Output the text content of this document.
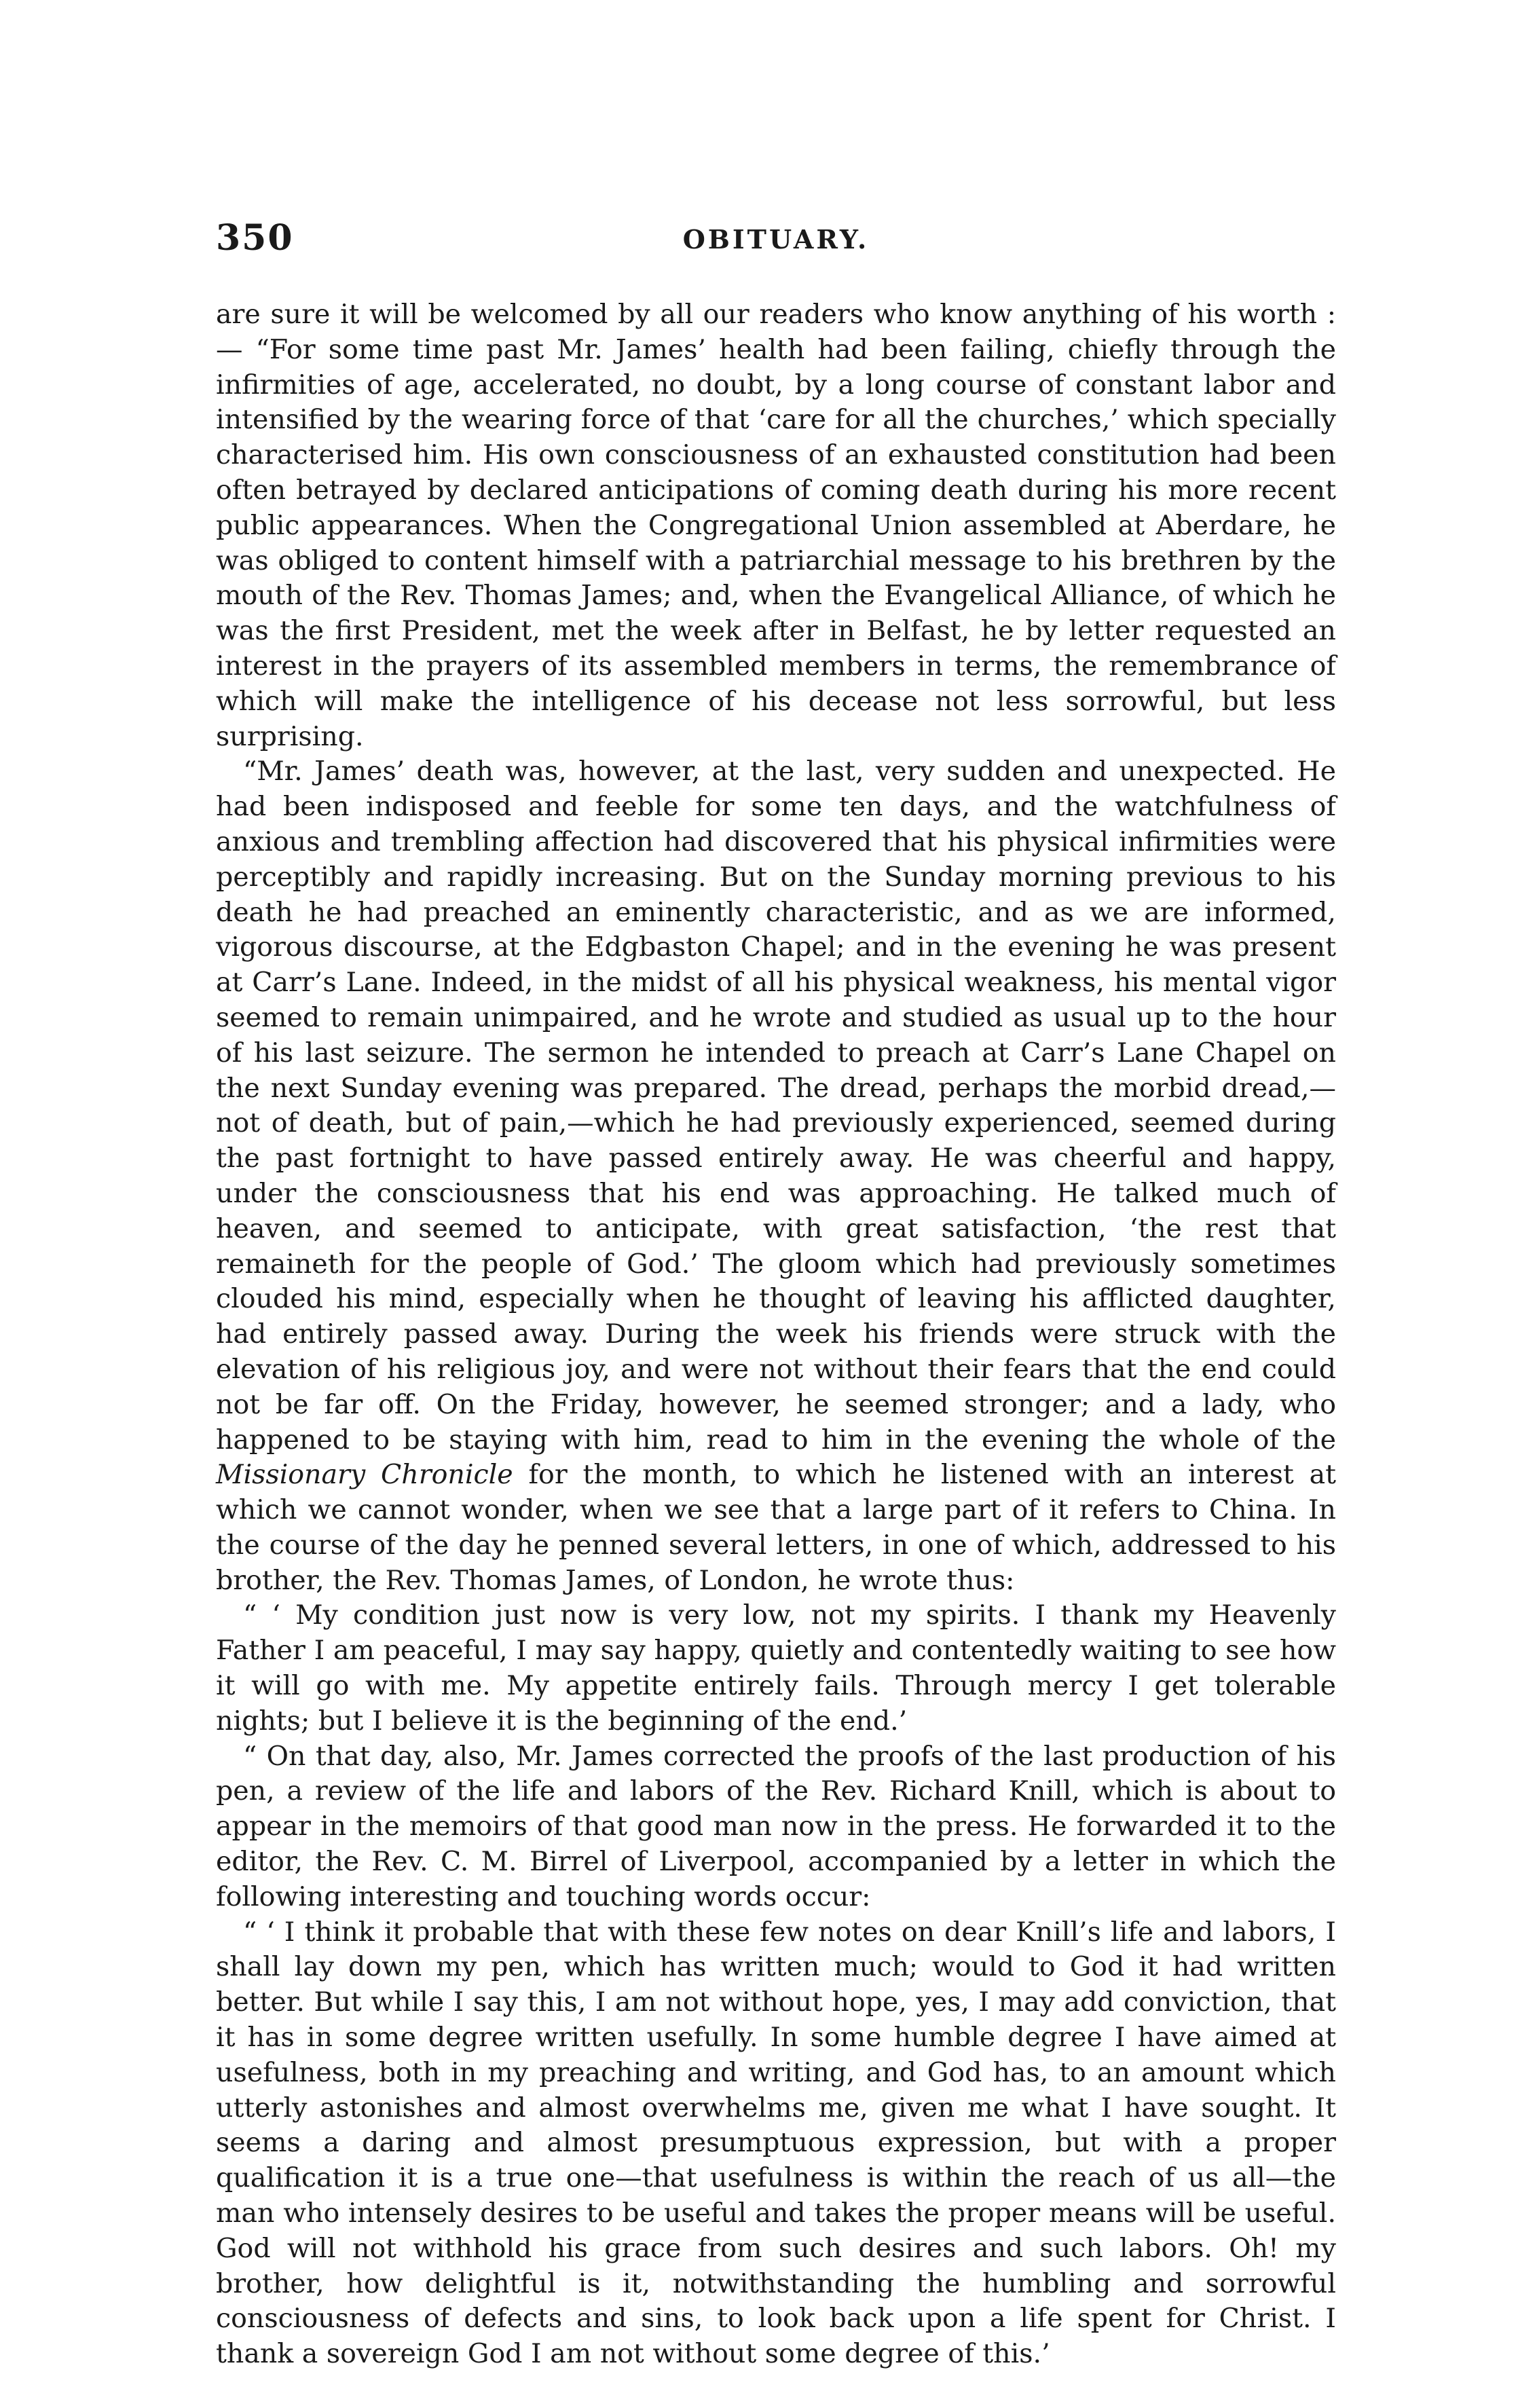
350	OBITUARY.

are sure it will be welcomed by all our readers who know anything of his worth :— “For some time past Mr. James’ health had been failing, chiefly through the infirmities of age, accelerated, no doubt, by a long course of constant labor and intensified by the wearing force of that ‘care for all the churches,’ which specially characterised him. His own consciousness of an exhausted constitution had been often betrayed by declared anticipations of coming death during his more recent public appearances. When the Congregational Union assembled at Aberdare, he was obliged to content himself with a patriarchial message to his brethren by the mouth of the Rev. Thomas James; and, when the Evangelical Alliance, of which he was the first President, met the week after in Belfast, he by letter requested an interest in the prayers of its assembled members in terms, the remembrance of which will make the intelligence of his decease not less sorrowful, but less surprising.

“Mr. James’ death was, however, at the last, very sudden and unexpected. He had been indisposed and feeble for some ten days, and the watchfulness of anxious and trembling affection had discovered that his physical infirmities were perceptibly and rapidly increasing. But on the Sunday morning previous to his death he had preached an eminently characteristic, and as we are informed, vigorous discourse, at the Edgbaston Chapel; and in the evening he was present at Carr’s Lane. Indeed, in the midst of all his physical weakness, his mental vigor seemed to remain unimpaired, and he wrote and studied as usual up to the hour of his last seizure. The sermon he intended to preach at Carr’s Lane Chapel on the next Sunday evening was prepared. The dread, perhaps the morbid dread,—not of death, but of pain,—which he had previously experienced, seemed during the past fortnight to have passed entirely away. He was cheerful and happy, under the consciousness that his end was approaching. He talked much of heaven, and seemed to anticipate, with great satisfaction, ‘the rest that remaineth for the people of God.’ The gloom which had previously sometimes clouded his mind, especially when he thought of leaving his afflicted daughter, had entirely passed away. During the week his friends were struck with the elevation of his religious joy, and were not without their fears that the end could not be far off. On the Friday, however, he seemed stronger; and a lady, who happened to be staying with him, read to him in the evening the whole of the Missionary Chronicle for the month, to which he listened with an interest at which we cannot wonder, when we see that a large part of it refers to China. In the course of the day he penned several letters, in one of which, addressed to his brother, the Rev. Thomas James, of London, he wrote thus:

“ ‘ My condition just now is very low, not my spirits. I thank my Heavenly Father I am peaceful, I may say happy, quietly and contentedly waiting to see how it will go with me. My appetite entirely fails. Through mercy I get tolerable nights; but I believe it is the beginning of the end.’

“ On that day, also, Mr. James corrected the proofs of the last production of his pen, a review of the life and labors of the Rev. Richard Knill, which is about to appear in the memoirs of that good man now in the press. He forwarded it to the editor, the Rev. C. M. Birrel of Liverpool, accompanied by a letter in which the following interesting and touching words occur:

“ ‘ I think it probable that with these few notes on dear Knill’s life and labors, I shall lay down my pen, which has written much; would to God it had written better. But while I say this, I am not without hope, yes, I may add conviction, that it has in some degree written usefully. In some humble degree I have aimed at usefulness, both in my preaching and writing, and God has, to an amount which utterly astonishes and almost overwhelms me, given me what I have sought. It seems a daring and almost presumptuous expression, but with a proper qualification it is a true one—that usefulness is within the reach of us all—the man who intensely desires to be useful and takes the proper means will be useful. God will not withhold his grace from such desires and such labors. Oh! my brother, how delightful is it, notwithstanding the humbling and sorrowful consciousness of defects and sins, to look back upon a life spent for Christ. I thank a sovereign God I am not without some degree of this.’
